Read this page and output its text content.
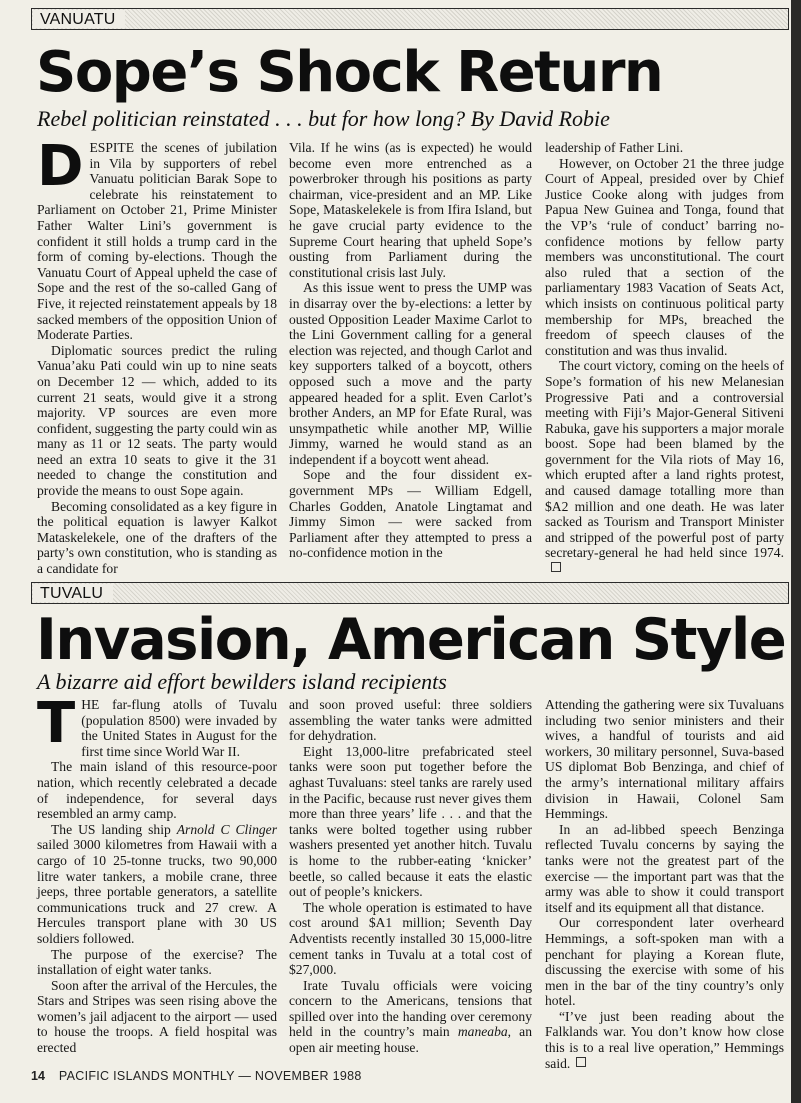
VANUATU
Sope’s Shock Return
Rebel politician reinstated . . . but for how long? By David Robie

DESPITE the scenes of jubilation in Vila by supporters of rebel Vanuatu politician Barak Sope to celebrate his reinstatement to Parliament on October 21, Prime Minister Father Walter Lini’s government is confident it still holds a trump card in the form of coming by-elections. Though the Vanuatu Court of Appeal upheld the case of Sope and the rest of the so-called Gang of Five, it rejected reinstatement appeals by 18 sacked members of the opposition Union of Moderate Parties.

Diplomatic sources predict the ruling Vanua’aku Pati could win up to nine seats on December 12 — which, added to its current 21 seats, would give it a strong majority. VP sources are even more confident, suggesting the party could win as many as 11 or 12 seats. The party would need an extra 10 seats to give it the 31 needed to change the constitution and provide the means to oust Sope again.

Becoming consolidated as a key figure in the political equation is lawyer Kalkot Mataskelekele, one of the drafters of the party’s own constitution, who is standing as a candidate for

Vila. If he wins (as is expected) he would become even more entrenched as a powerbroker through his positions as party chairman, vice-president and an MP. Like Sope, Mataskelekele is from Ifira Island, but he gave crucial party evidence to the Supreme Court hearing that upheld Sope’s ousting from Parliament during the constitutional crisis last July.

As this issue went to press the UMP was in disarray over the by-elections: a letter by ousted Opposition Leader Maxime Carlot to the Lini Government calling for a general election was rejected, and though Carlot and key supporters talked of a boycott, others opposed such a move and the party appeared headed for a split. Even Carlot’s brother Anders, an MP for Efate Rural, was unsympathetic while another MP, Willie Jimmy, warned he would stand as an independent if a boycott went ahead.

Sope and the four dissident ex-government MPs — William Edgell, Charles Godden, Anatole Lingtamat and Jimmy Simon — were sacked from Parliament after they attempted to press a no-confidence motion in the

leadership of Father Lini.

However, on October 21 the three judge Court of Appeal, presided over by Chief Justice Cooke along with judges from Papua New Guinea and Tonga, found that the VP’s ‘rule of conduct’ barring no-confidence motions by fellow party members was unconstitutional. The court also ruled that a section of the parliamentary 1983 Vacation of Seats Act, which insists on continuous political party membership for MPs, breached the freedom of speech clauses of the constitution and was thus invalid.

The court victory, coming on the heels of Sope’s formation of his new Melanesian Progressive Pati and a controversial meeting with Fiji’s Major-General Sitiveni Rabuka, gave his supporters a major morale boost. Sope had been blamed by the government for the Vila riots of May 16, which erupted after a land rights protest, and caused damage totalling more than $A2 million and one death. He was later sacked as Tourism and Transport Minister and stripped of the powerful post of party secretary-general he had held since 1974.

TUVALU
Invasion, American Style
A bizarre aid effort bewilders island recipients

THE far-flung atolls of Tuvalu (population 8500) were invaded by the United States in August for the first time since World War II.

The main island of this resource-poor nation, which recently celebrated a decade of independence, for several days resembled an army camp.

The US landing ship Arnold C Clinger sailed 3000 kilometres from Hawaii with a cargo of 10 25-tonne trucks, two 90,000 litre water tankers, a mobile crane, three jeeps, three portable generators, a satellite communications truck and 27 crew. A Hercules transport plane with 30 US soldiers followed.

The purpose of the exercise? The installation of eight water tanks.

Soon after the arrival of the Hercules, the Stars and Stripes was seen rising above the women’s jail adjacent to the airport — used to house the troops. A field hospital was erected

and soon proved useful: three soldiers assembling the water tanks were admitted for dehydration.

Eight 13,000-litre prefabricated steel tanks were soon put together before the aghast Tuvaluans: steel tanks are rarely used in the Pacific, because rust never gives them more than three years’ life . . . and that the tanks were bolted together using rubber washers presented yet another hitch. Tuvalu is home to the rubber-eating ‘knicker’ beetle, so called because it eats the elastic out of people’s knickers.

The whole operation is estimated to have cost around $A1 million; Seventh Day Adventists recently installed 30 15,000-litre cement tanks in Tuvalu at a total cost of $27,000.

Irate Tuvalu officials were voicing concern to the Americans, tensions that spilled over into the handing over ceremony held in the country’s main maneaba, an open air meeting house.

Attending the gathering were six Tuvaluans including two senior ministers and their wives, a handful of tourists and aid workers, 30 military personnel, Suva-based US diplomat Bob Benzinga, and chief of the army’s international military affairs division in Hawaii, Colonel Sam Hemmings.

In an ad-libbed speech Benzinga reflected Tuvalu concerns by saying the tanks were not the greatest part of the exercise — the important part was that the army was able to show it could transport itself and its equipment all that distance.

Our correspondent later overheard Hemmings, a soft-spoken man with a penchant for playing a Korean flute, discussing the exercise with some of his men in the bar of the tiny country’s only hotel.

“I’ve just been reading about the Falklands war. You don’t know how close this is to a real live operation,” Hemmings said.

14 PACIFIC ISLANDS MONTHLY — NOVEMBER 1988
